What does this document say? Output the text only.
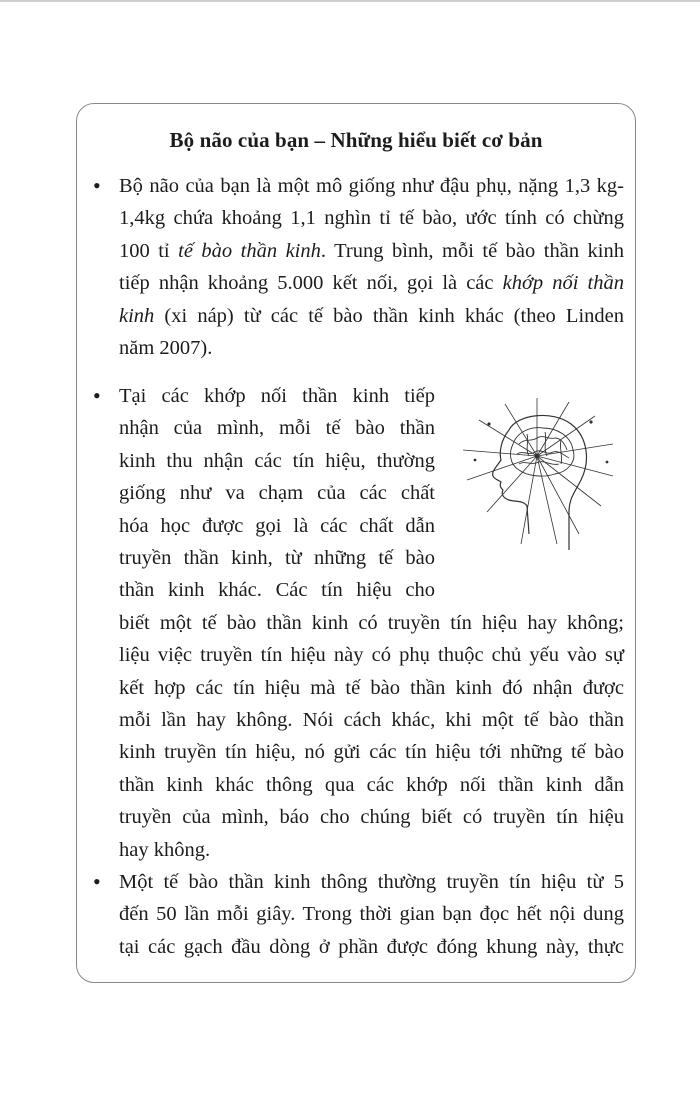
Bộ não của bạn – Những hiểu biết cơ bản
• Bộ não của bạn là một mô giống như đậu phụ, nặng 1,3 kg-
1,4kg chứa khoảng 1,1 nghìn tỉ tế bào, ước tính có chừng
100 tỉ tế bào thần kinh. Trung bình, mỗi tế bào thần kinh
tiếp nhận khoảng 5.000 kết nối, gọi là các khớp nối thần
kinh (xi náp) từ các tế bào thần kinh khác (theo Linden
năm 2007).

• Tại các khớp nối thần kinh tiếp
nhận của mình, mỗi tế bào thần
kinh thu nhận các tín hiệu, thường
giống như va chạm của các chất
hóa học được gọi là các chất dẫn
truyền thần kinh, từ những tế bào
thần kinh khác. Các tín hiệu cho
biết một tế bào thần kinh có truyền tín hiệu hay không;
liệu việc truyền tín hiệu này có phụ thuộc chủ yếu vào sự
kết hợp các tín hiệu mà tế bào thần kinh đó nhận được
mỗi lần hay không. Nói cách khác, khi một tế bào thần
kinh truyền tín hiệu, nó gửi các tín hiệu tới những tế bào
thần kinh khác thông qua các khớp nối thần kinh dẫn
truyền của mình, báo cho chúng biết có truyền tín hiệu
hay không.

• Một tế bào thần kinh thông thường truyền tín hiệu từ 5
đến 50 lần mỗi giây. Trong thời gian bạn đọc hết nội dung
tại các gạch đầu dòng ở phần được đóng khung này, thực
